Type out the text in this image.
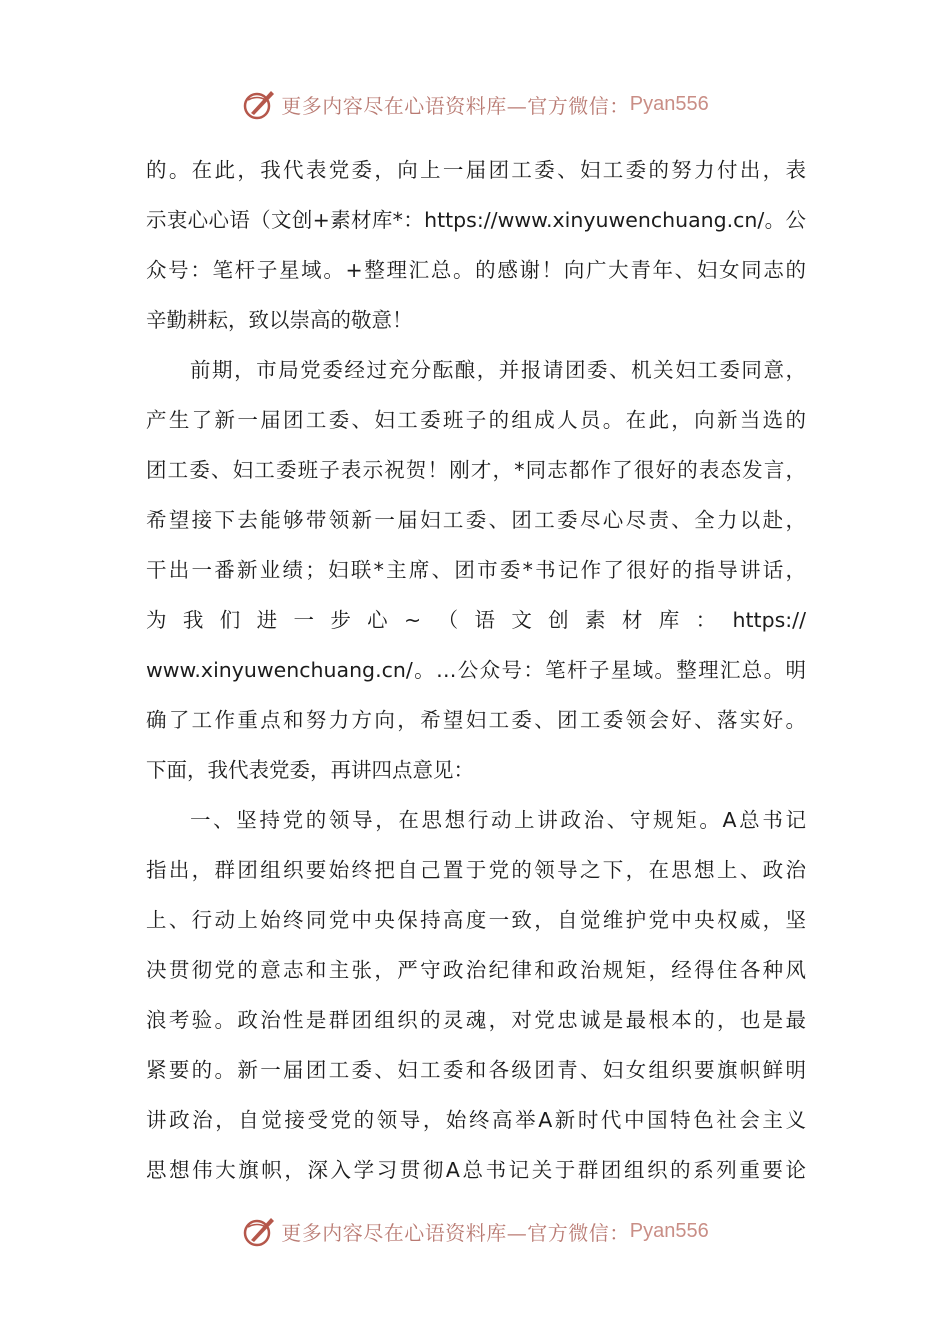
更多内容尽在心语资料库—官方微信： Pyan556
的。在此，我代表党委，向上一届团工委、妇工委的努力付出，表
示衷心心语（文创+素材库*：https://www.xinyuwenchuang.cn/。公
众号：笔杆子星域。+整理汇总。的感谢！向广大青年、妇女同志的
辛勤耕耘，致以崇高的敬意！
前期，市局党委经过充分酝酿，并报请团委、机关妇工委同意，
产生了新一届团工委、妇工委班子的组成人员。在此，向新当选的
团工委、妇工委班子表示祝贺！刚才，*同志都作了很好的表态发言，
希望接下去能够带领新一届妇工委、团工委尽心尽责、全力以赴，
干出一番新业绩；妇联*主席、团市委*书记作了很好的指导讲话，
为我们进一步心~（语文创素材库：https://
www.xinyuwenchuang.cn/。…公众号：笔杆子星域。整理汇总。明
确了工作重点和努力方向，希望妇工委、团工委领会好、落实好。
下面，我代表党委，再讲四点意见：
一、坚持党的领导，在思想行动上讲政治、守规矩。A总书记
指出，群团组织要始终把自己置于党的领导之下，在思想上、政治
上、行动上始终同党中央保持高度一致，自觉维护党中央权威，坚
决贯彻党的意志和主张，严守政治纪律和政治规矩，经得住各种风
浪考验。政治性是群团组织的灵魂，对党忠诚是最根本的，也是最
紧要的。新一届团工委、妇工委和各级团青、妇女组织要旗帜鲜明
讲政治，自觉接受党的领导，始终高举A新时代中国特色社会主义
思想伟大旗帜，深入学习贯彻A总书记关于群团组织的系列重要论
更多内容尽在心语资料库—官方微信： Pyan556
